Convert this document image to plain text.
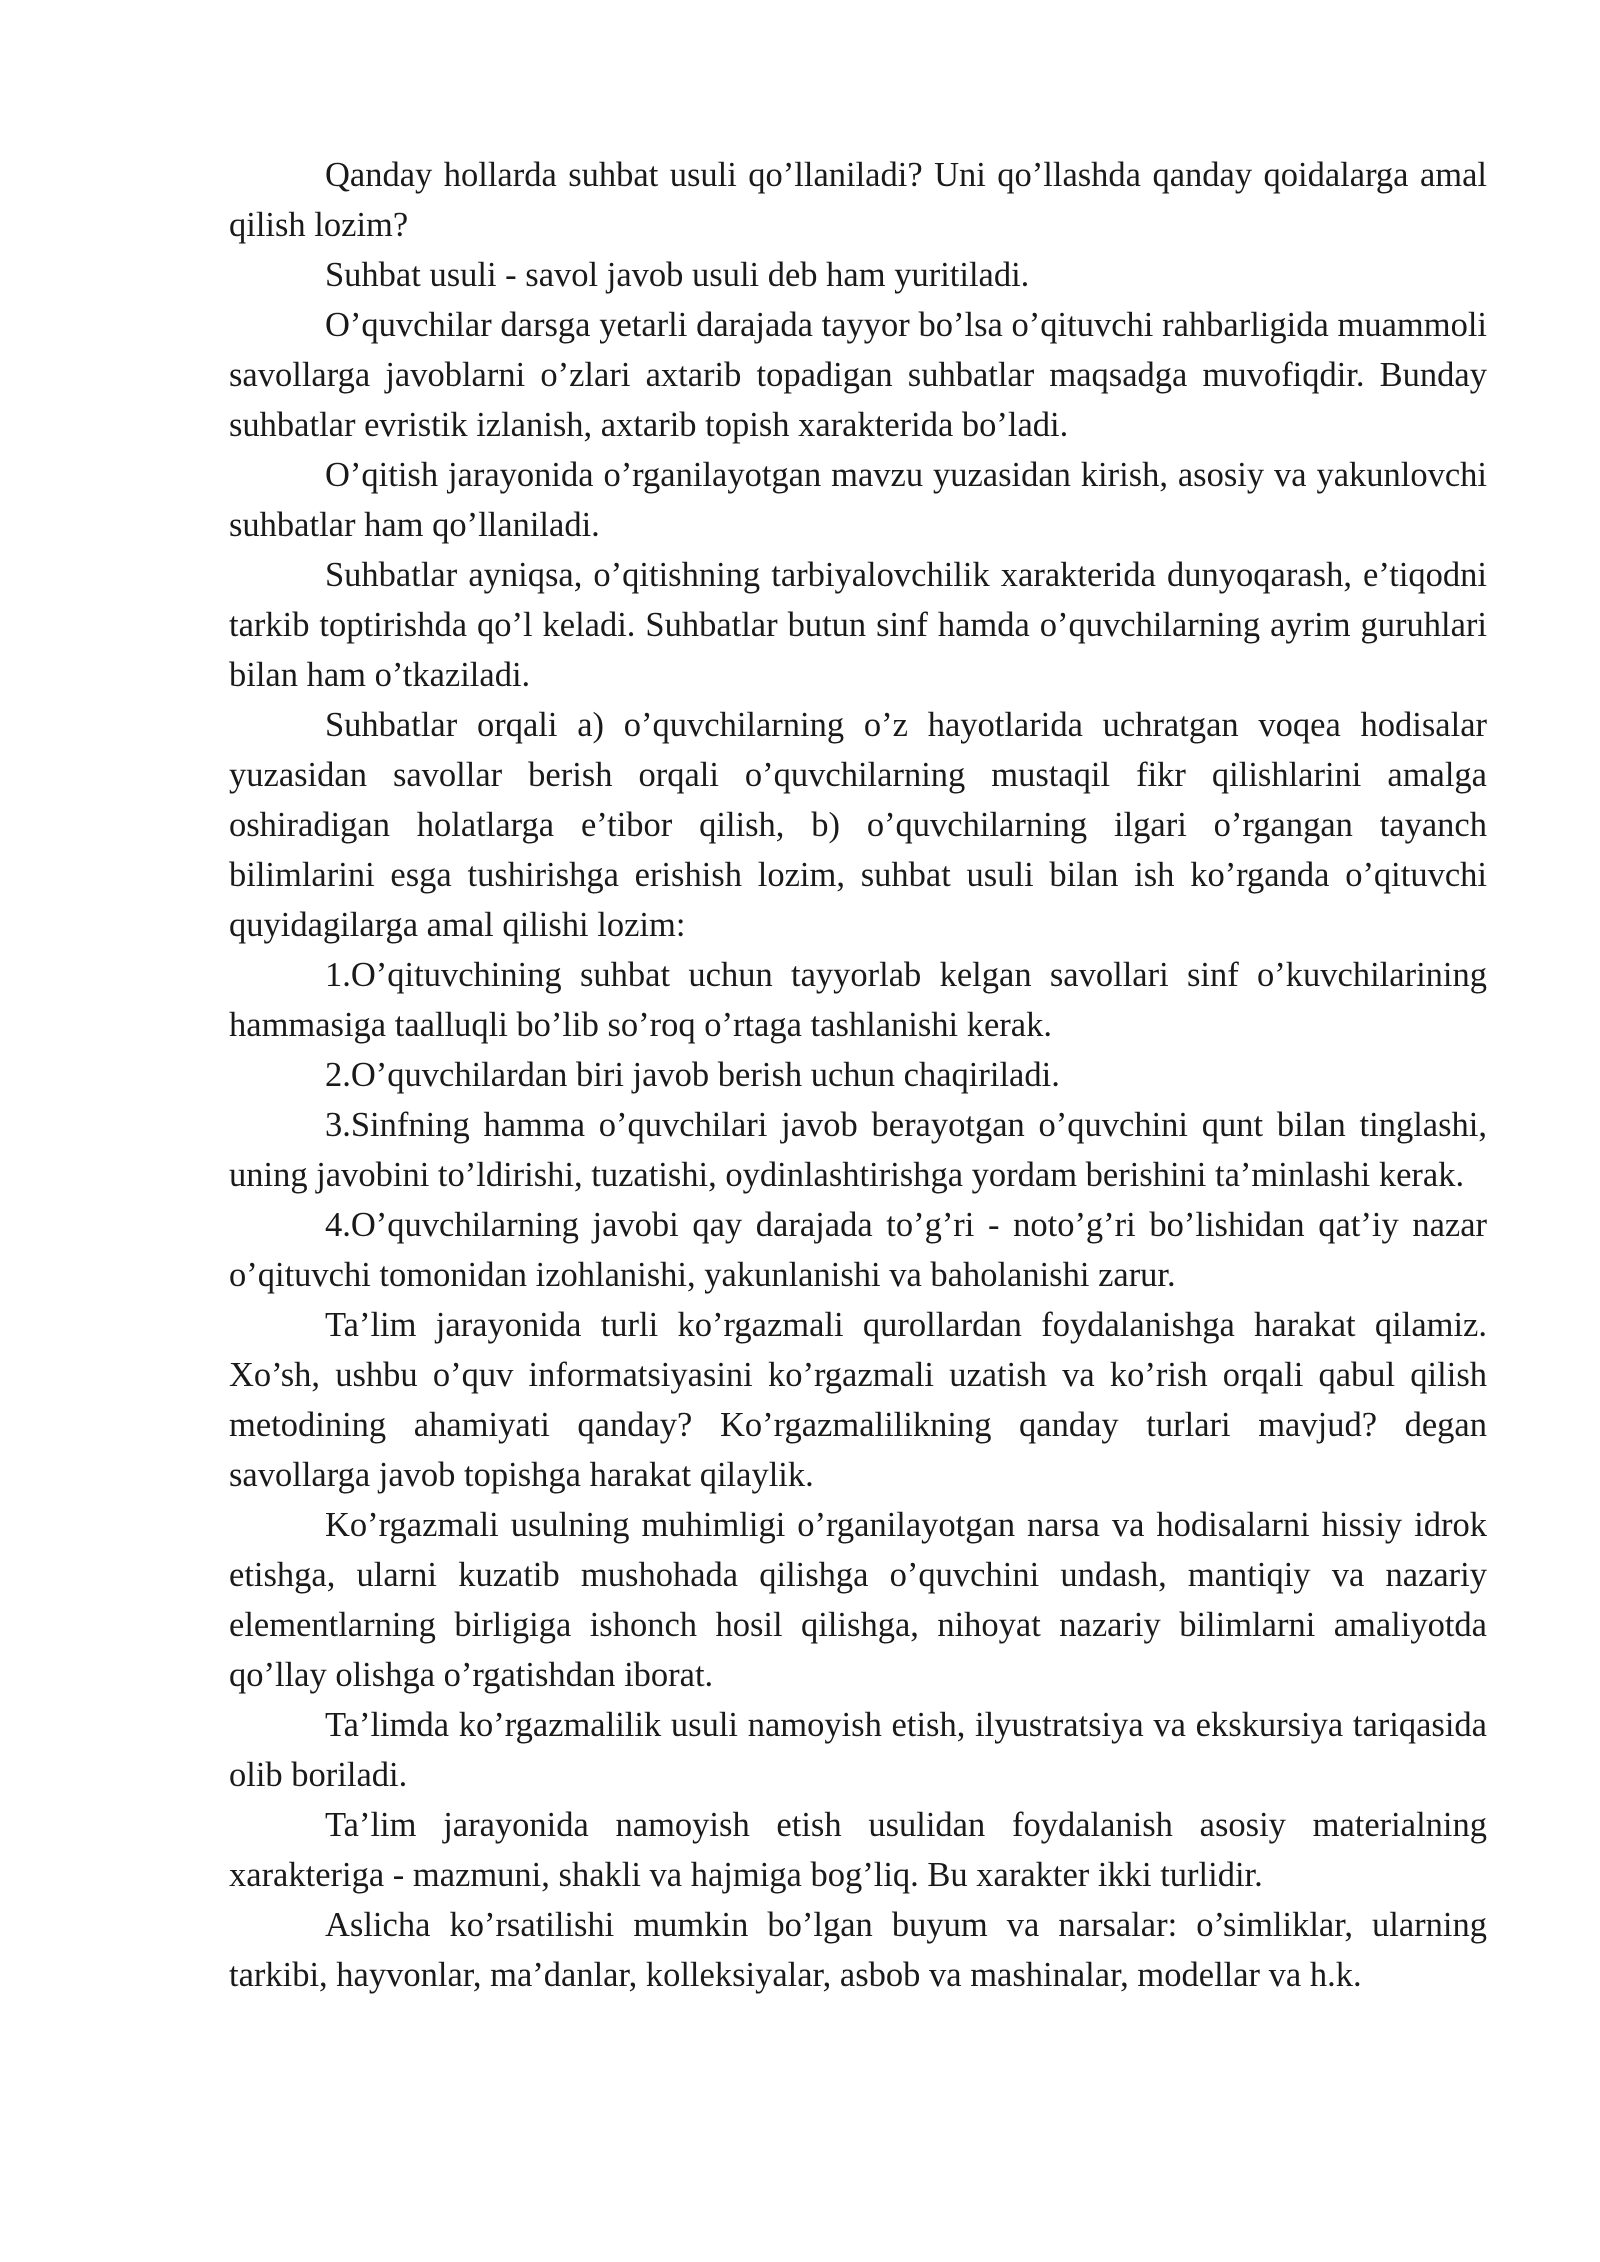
Qanday hollarda suhbat usuli qo’llaniladi? Uni qo’llashda qanday qoidalarga amal qilish lozim?

Suhbat usuli - savol javob usuli deb ham yuritiladi.

O’quvchilar darsga yetarli darajada tayyor bo’lsa o’qituvchi rahbarligida muammoli savollarga javoblarni o’zlari axtarib topadigan suhbatlar maqsadga muvofiqdir. Bunday suhbatlar evristik izlanish, axtarib topish xarakterida bo’ladi.

O’qitish jarayonida o’rganilayotgan mavzu yuzasidan kirish, asosiy va yakunlovchi suhbatlar ham qo’llaniladi.

Suhbatlar ayniqsa, o’qitishning tarbiyalovchilik xarakterida dunyoqarash, e’tiqodni tarkib toptirishda qo’l keladi. Suhbatlar butun sinf hamda o’quvchilarning ayrim guruhlari bilan ham o’tkaziladi.

Suhbatlar orqali a) o’quvchilarning o’z hayotlarida uchratgan voqea hodisalar yuzasidan savollar berish orqali o’quvchilarning mustaqil fikr qilishlarini amalga oshiradigan holatlarga e’tibor qilish, b) o’quvchilarning ilgari o’rgangan tayanch bilimlarini esga tushirishga erishish lozim, suhbat usuli bilan ish ko’rganda o’qituvchi quyidagilarga amal qilishi lozim:

1.O’qituvchining suhbat uchun tayyorlab kelgan savollari sinf o’kuvchilarining hammasiga taalluqli bo’lib so’roq o’rtaga tashlanishi kerak.

2.O’quvchilardan biri javob berish uchun chaqiriladi.

3.Sinfning hamma o’quvchilari javob berayotgan o’quvchini qunt bilan tinglashi, uning javobini to’ldirishi, tuzatishi, oydinlashtirishga yordam berishini ta’minlashi kerak.

4.O’quvchilarning javobi qay darajada to’g’ri - noto’g’ri bo’lishidan qat’iy nazar o’qituvchi tomonidan izohlanishi, yakunlanishi va baholanishi zarur.

Ta’lim jarayonida turli ko’rgazmali qurollardan foydalanishga harakat qilamiz. Xo’sh, ushbu o’quv informatsiyasini ko’rgazmali uzatish va ko’rish orqali qabul qilish metodining ahamiyati qanday? Ko’rgazmalilikning qanday turlari mavjud? degan savollarga javob topishga harakat qilaylik.

Ko’rgazmali usulning muhimligi o’rganilayotgan narsa va hodisalarni hissiy idrok etishga, ularni kuzatib mushohada qilishga o’quvchini undash, mantiqiy va nazariy elementlarning birligiga ishonch hosil qilishga, nihoyat nazariy bilimlarni amaliyotda qo’llay olishga o’rgatishdan iborat.

Ta’limda ko’rgazmalilik usuli namoyish etish, ilyustratsiya va ekskursiya tariqasida olib boriladi.

Ta’lim jarayonida namoyish etish usulidan foydalanish asosiy materialning xarakteriga - mazmuni, shakli va hajmiga bog’liq. Bu xarakter ikki turlidir.

Aslicha ko’rsatilishi mumkin bo’lgan buyum va narsalar: o’simliklar, ularning tarkibi, hayvonlar, ma’danlar, kolleksiyalar, asbob va mashinalar, modellar va h.k.
